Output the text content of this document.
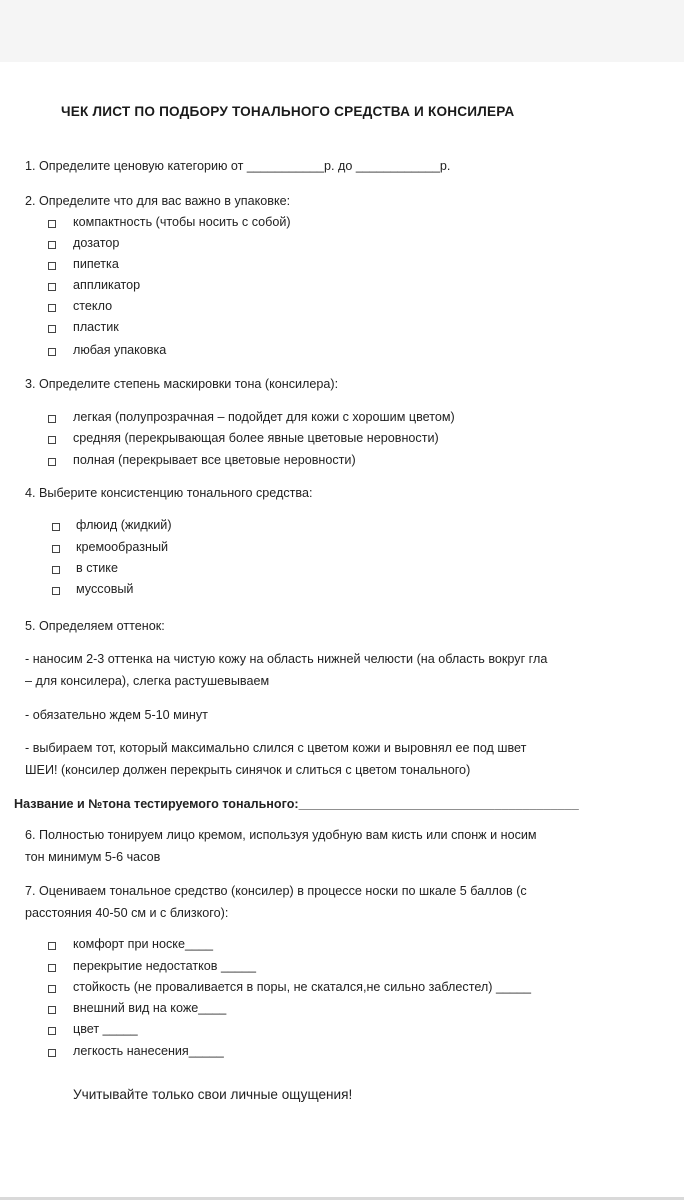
ЧЕК ЛИСТ ПО ПОДБОРУ ТОНАЛЬНОГО СРЕДСТВА И КОНСИЛЕРА
1. Определите ценовую категорию от ___________р. до ____________р.
2. Определите что для вас важно в упаковке:
компактность (чтобы носить с собой)
дозатор
пипетка
аппликатор
стекло
пластик
любая упаковка
3. Определите степень маскировки тона (консилера):
легкая (полупрозрачная – подойдет для кожи с хорошим цветом)
средняя (перекрывающая более явные цветовые неровности)
полная (перекрывает все цветовые неровности)
4. Выберите консистенцию тонального средства:
флюид (жидкий)
кремообразный
в стике
муссовый
5. Определяем оттенок:
- наносим 2-3 оттенка на чистую кожу на область нижней челюсти (на область вокруг гла
– для консилера), слегка растушевываем
- обязательно ждем 5-10 минут
- выбираем тот, который максимально слился с цветом кожи и выровнял ее под швет
ШЕИ! (консилер должен перекрыть синячок и слиться с цветом тонального)
Название и №тона тестируемого тонального:________________________________________
6. Полностью тонируем лицо кремом, используя удобную вам кисть или спонж и носим
тон минимум 5-6 часов
7. Оцениваем тональное средство (консилер) в процессе носки по шкале 5 баллов (с
расстояния 40-50 см и с близкого):
комфорт при носке____
перекрытие недостатков _____
стойкость (не проваливается в поры, не скатался,не сильно заблестел) _____
внешний вид на коже____
цвет _____
легкость нанесения_____
Учитывайте только свои личные ощущения!
